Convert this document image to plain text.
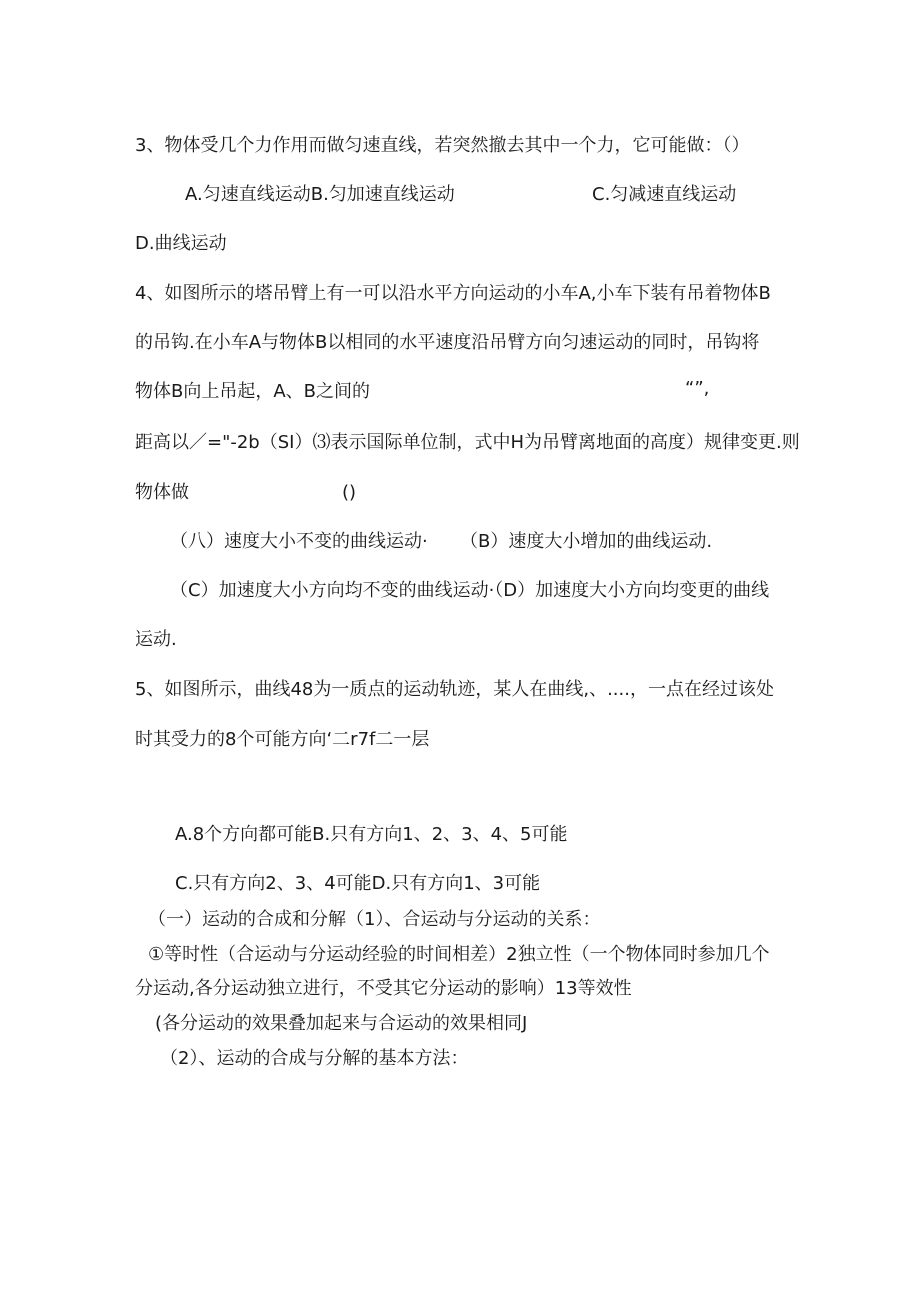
3、物体受几个力作用而做匀速直线，若突然撤去其中一个力，它可能做：（）
A.匀速直线运动B.匀加速直线运动	C.匀减速直线运动
D.曲线运动
4、如图所示的塔吊臂上有一可以沿水平方向运动的小车A,小车下装有吊着物体B
的吊钩.在小车A与物体B以相同的水平速度沿吊臂方向匀速运动的同时，吊钩将
物体B向上吊起，A、B之间的	“”,
距高以／="-2b（SI）⑶表示国际单位制，式中H为吊臂离地面的高度）规律变更.则
物体做	()
（八）速度大小不变的曲线运动· （B）速度大小增加的曲线运动.
（C）加速度大小方向均不变的曲线运动·（D）加速度大小方向均变更的曲线
运动.
5、如图所示，曲线48为一质点的运动轨迹，某人在曲线,、....，一点在经过该处
时其受力的8个可能方向‘二r7f二一层
A.8个方向都可能B.只有方向1、2、3、4、5可能
C.只有方向2、3、4可能D.只有方向1、3可能
（一）运动的合成和分解（1）、合运动与分运动的关系：
①等时性（合运动与分运动经验的时间相差）2独立性（一个物体同时参加几个
分运动,各分运动独立进行，不受其它分运动的影响）13等效性
(各分运动的效果叠加起来与合运动的效果相同J
（2）、运动的合成与分解的基本方法：
